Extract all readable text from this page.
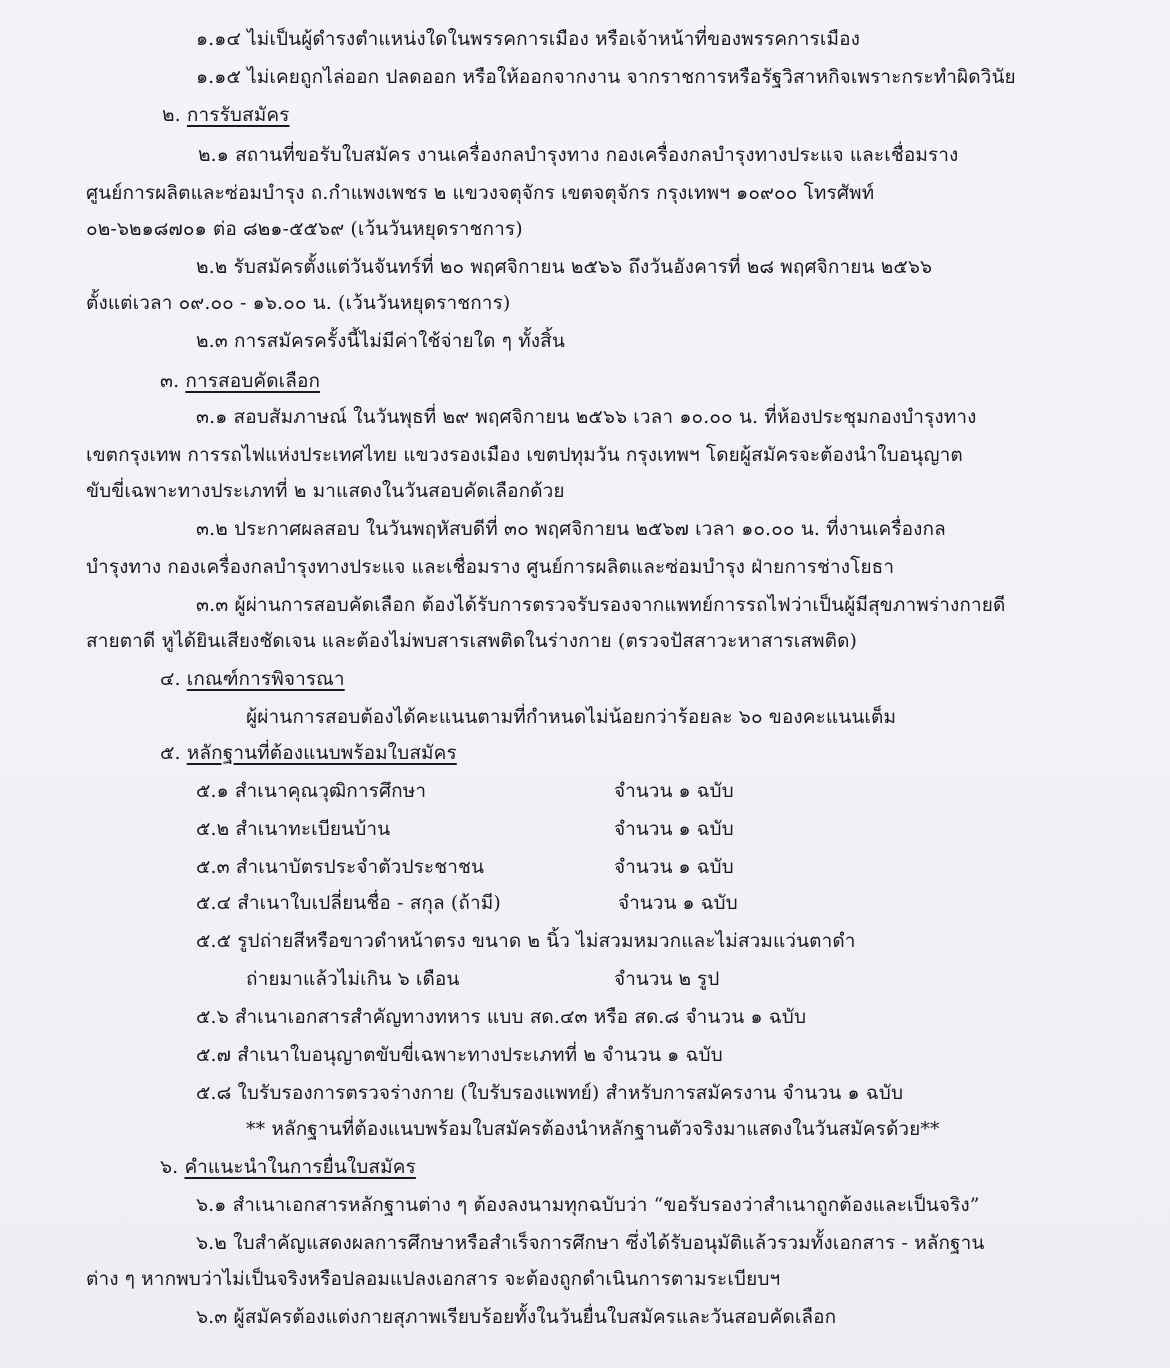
๑.๑๔ ไม่เป็นผู้ดำรงตำแหน่งใดในพรรคการเมือง หรือเจ้าหน้าที่ของพรรคการเมือง
๑.๑๕ ไม่เคยถูกไล่ออก ปลดออก หรือให้ออกจากงาน จากราชการหรือรัฐวิสาหกิจเพราะกระทำผิดวินัย
๒. การรับสมัคร
๒.๑ สถานที่ขอรับใบสมัคร งานเครื่องกลบำรุงทาง กองเครื่องกลบำรุงทางประแจ และเชื่อมราง
ศูนย์การผลิตและซ่อมบำรุง ถ.กำแพงเพชร ๒ แขวงจตุจักร เขตจตุจักร กรุงเทพฯ ๑๐๙๐๐ โทรศัพท์
๐๒-๖๒๑๘๗๐๑ ต่อ ๘๒๑-๕๕๖๙ (เว้นวันหยุดราชการ)
๒.๒ รับสมัครตั้งแต่วันจันทร์ที่ ๒๐ พฤศจิกายน ๒๕๖๖ ถึงวันอังคารที่ ๒๘ พฤศจิกายน ๒๕๖๖
ตั้งแต่เวลา ๐๙.๐๐ - ๑๖.๐๐ น. (เว้นวันหยุดราชการ)
๒.๓ การสมัครครั้งนี้ไม่มีค่าใช้จ่ายใด ๆ ทั้งสิ้น
๓. การสอบคัดเลือก
๓.๑ สอบสัมภาษณ์ ในวันพุธที่ ๒๙ พฤศจิกายน ๒๕๖๖ เวลา ๑๐.๐๐ น. ที่ห้องประชุมกองบำรุงทาง
เขตกรุงเทพ การรถไฟแห่งประเทศไทย แขวงรองเมือง เขตปทุมวัน กรุงเทพฯ โดยผู้สมัครจะต้องนำใบอนุญาต
ขับขี่เฉพาะทางประเภทที่ ๒ มาแสดงในวันสอบคัดเลือกด้วย
๓.๒ ประกาศผลสอบ ในวันพฤหัสบดีที่ ๓๐ พฤศจิกายน ๒๕๖๗ เวลา ๑๐.๐๐ น. ที่งานเครื่องกล
บำรุงทาง กองเครื่องกลบำรุงทางประแจ และเชื่อมราง ศูนย์การผลิตและซ่อมบำรุง ฝ่ายการช่างโยธา
๓.๓ ผู้ผ่านการสอบคัดเลือก ต้องได้รับการตรวจรับรองจากแพทย์การรถไฟว่าเป็นผู้มีสุขภาพร่างกายดี
สายตาดี หูได้ยินเสียงชัดเจน และต้องไม่พบสารเสพติดในร่างกาย (ตรวจปัสสาวะหาสารเสพติด)
๔. เกณฑ์การพิจารณา
ผู้ผ่านการสอบต้องได้คะแนนตามที่กำหนดไม่น้อยกว่าร้อยละ ๖๐ ของคะแนนเต็ม
๕. หลักฐานที่ต้องแนบพร้อมใบสมัคร
๕.๑ สำเนาคุณวุฒิการศึกษา	จำนวน ๑ ฉบับ
๕.๒ สำเนาทะเบียนบ้าน	จำนวน ๑ ฉบับ
๕.๓ สำเนาบัตรประจำตัวประชาชน	จำนวน ๑ ฉบับ
๕.๔ สำเนาใบเปลี่ยนชื่อ - สกุล (ถ้ามี)	จำนวน ๑ ฉบับ
๕.๕ รูปถ่ายสีหรือขาวดำหน้าตรง ขนาด ๒ นิ้ว ไม่สวมหมวกและไม่สวมแว่นตาดำ
ถ่ายมาแล้วไม่เกิน ๖ เดือน	จำนวน ๒ รูป
๕.๖ สำเนาเอกสารสำคัญทางทหาร แบบ สด.๔๓ หรือ สด.๘ จำนวน ๑ ฉบับ
๕.๗ สำเนาใบอนุญาตขับขี่เฉพาะทางประเภทที่ ๒ จำนวน ๑ ฉบับ
๕.๘ ใบรับรองการตรวจร่างกาย (ใบรับรองแพทย์) สำหรับการสมัครงาน จำนวน ๑ ฉบับ
** หลักฐานที่ต้องแนบพร้อมใบสมัครต้องนำหลักฐานตัวจริงมาแสดงในวันสมัครด้วย**
๖. คำแนะนำในการยื่นใบสมัคร
๖.๑ สำเนาเอกสารหลักฐานต่าง ๆ ต้องลงนามทุกฉบับว่า “ขอรับรองว่าสำเนาถูกต้องและเป็นจริง”
๖.๒ ใบสำคัญแสดงผลการศึกษาหรือสำเร็จการศึกษา ซึ่งได้รับอนุมัติแล้วรวมทั้งเอกสาร - หลักฐาน
ต่าง ๆ หากพบว่าไม่เป็นจริงหรือปลอมแปลงเอกสาร จะต้องถูกดำเนินการตามระเบียบฯ
๖.๓ ผู้สมัครต้องแต่งกายสุภาพเรียบร้อยทั้งในวันยื่นใบสมัครและวันสอบคัดเลือก
